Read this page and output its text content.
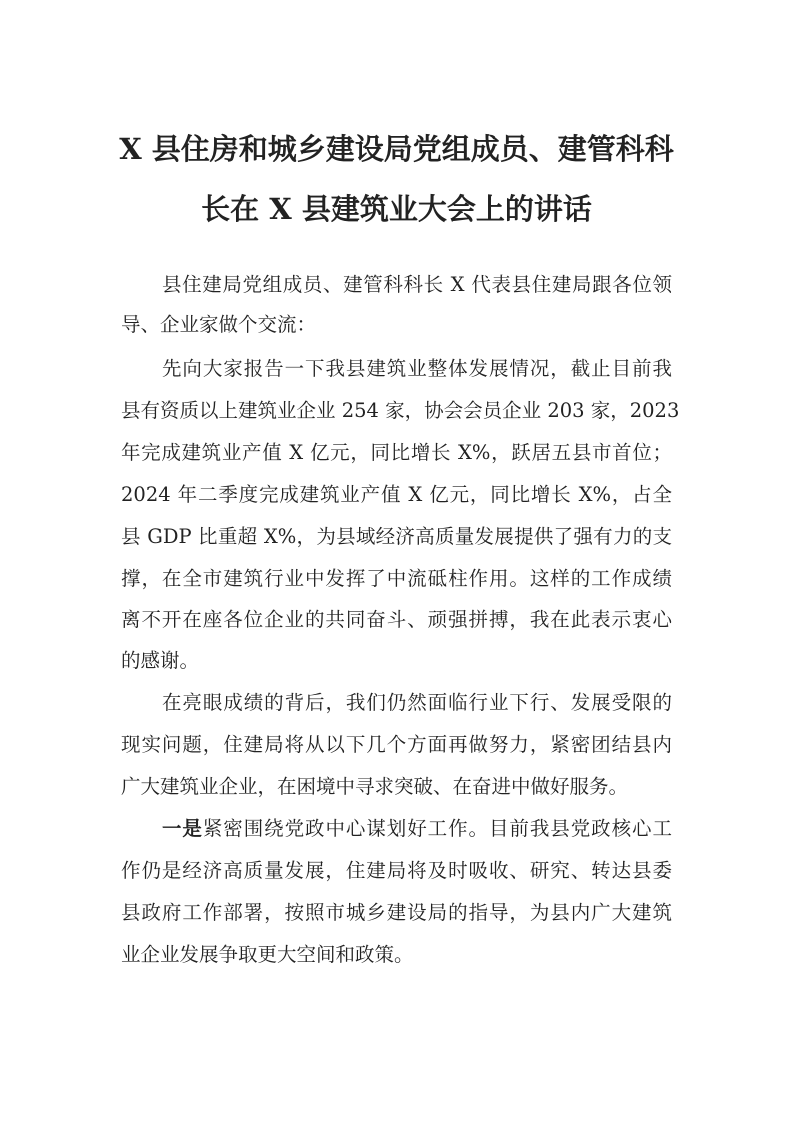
X 县住房和城乡建设局党组成员、建管科科
长在 X 县建筑业大会上的讲话
县住建局党组成员、建管科科长 X 代表县住建局跟各位领
导、企业家做个交流：
先向大家报告一下我县建筑业整体发展情况，截止目前我
县有资质以上建筑业企业 254 家，协会会员企业 203 家，2023
年完成建筑业产值 X 亿元，同比增长 X%，跃居五县市首位；
2024 年二季度完成建筑业产值 X 亿元，同比增长 X%，占全
县 GDP 比重超 X%，为县域经济高质量发展提供了强有力的支
撑，在全市建筑行业中发挥了中流砥柱作用。这样的工作成绩
离不开在座各位企业的共同奋斗、顽强拼搏，我在此表示衷心
的感谢。
在亮眼成绩的背后，我们仍然面临行业下行、发展受限的
现实问题，住建局将从以下几个方面再做努力，紧密团结县内
广大建筑业企业，在困境中寻求突破、在奋进中做好服务。
一是紧密围绕党政中心谋划好工作。目前我县党政核心工
作仍是经济高质量发展，住建局将及时吸收、研究、转达县委
县政府工作部署，按照市城乡建设局的指导，为县内广大建筑
业企业发展争取更大空间和政策。
